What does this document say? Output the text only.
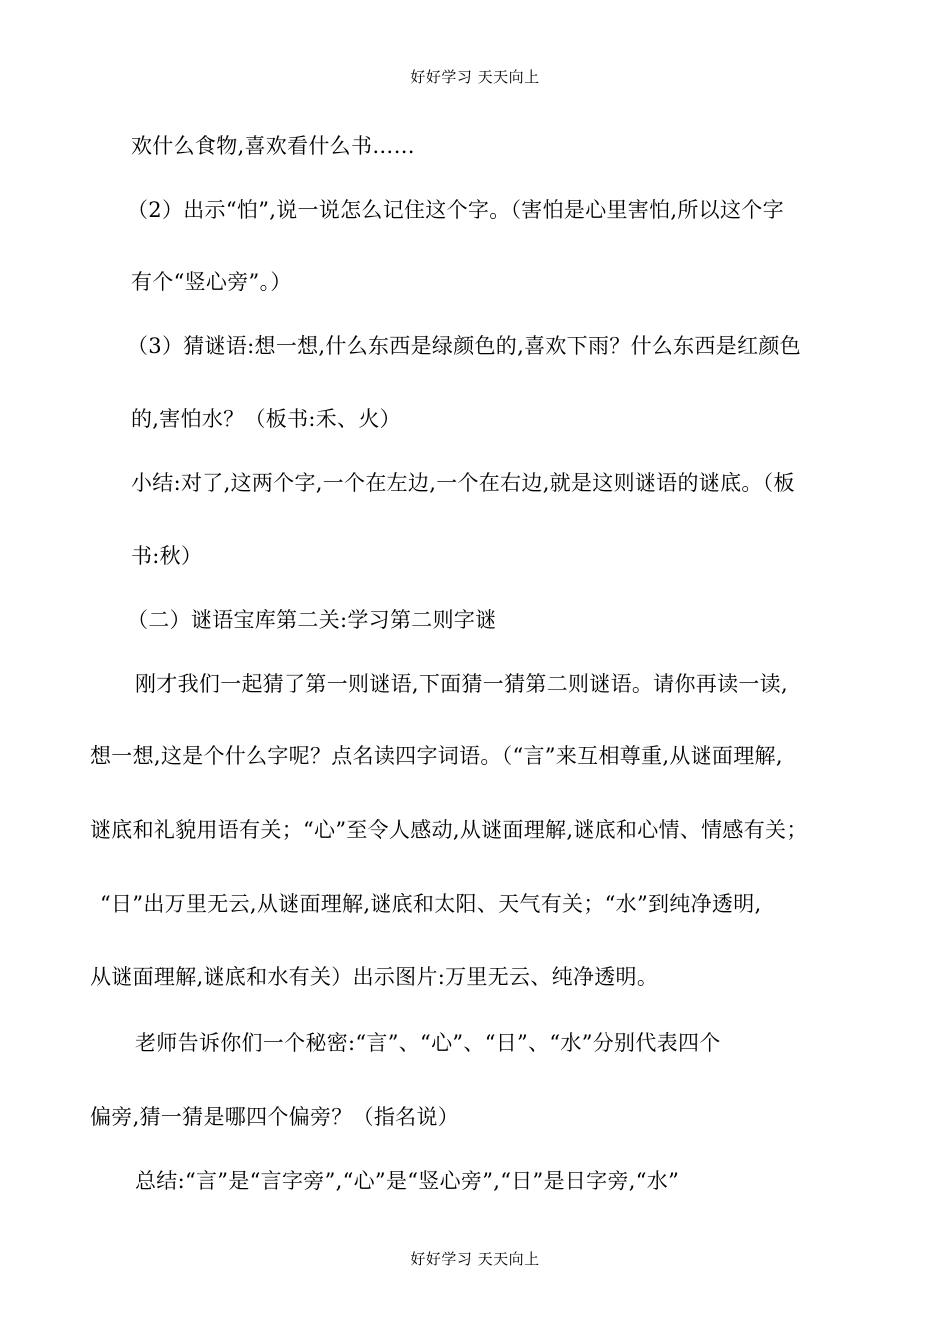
好好学习 天天向上
欢什么食物,喜欢看什么书……
（2）出示“怕”,说一说怎么记住这个字。（害怕是心里害怕,所以这个字
有个“竖心旁”。）
（3）猜谜语:想一想,什么东西是绿颜色的,喜欢下雨？什么东西是红颜色
的,害怕水？（板书:禾、火）
小结:对了,这两个字,一个在左边,一个在右边,就是这则谜语的谜底。（板
书:秋）
（二）谜语宝库第二关:学习第二则字谜
刚才我们一起猜了第一则谜语,下面猜一猜第二则谜语。请你再读一读,
想一想,这是个什么字呢？点名读四字词语。（“言”来互相尊重,从谜面理解,
谜底和礼貌用语有关；“心”至令人感动,从谜面理解,谜底和心情、情感有关；
“日”出万里无云,从谜面理解,谜底和太阳、天气有关；“水”到纯净透明,
从谜面理解,谜底和水有关）出示图片:万里无云、纯净透明。
老师告诉你们一个秘密:“言”、“心”、“日”、“水”分别代表四个
偏旁,猜一猜是哪四个偏旁？（指名说）
总结:“言”是“言字旁”,“心”是“竖心旁”,“日”是日字旁,“水”
好好学习 天天向上
